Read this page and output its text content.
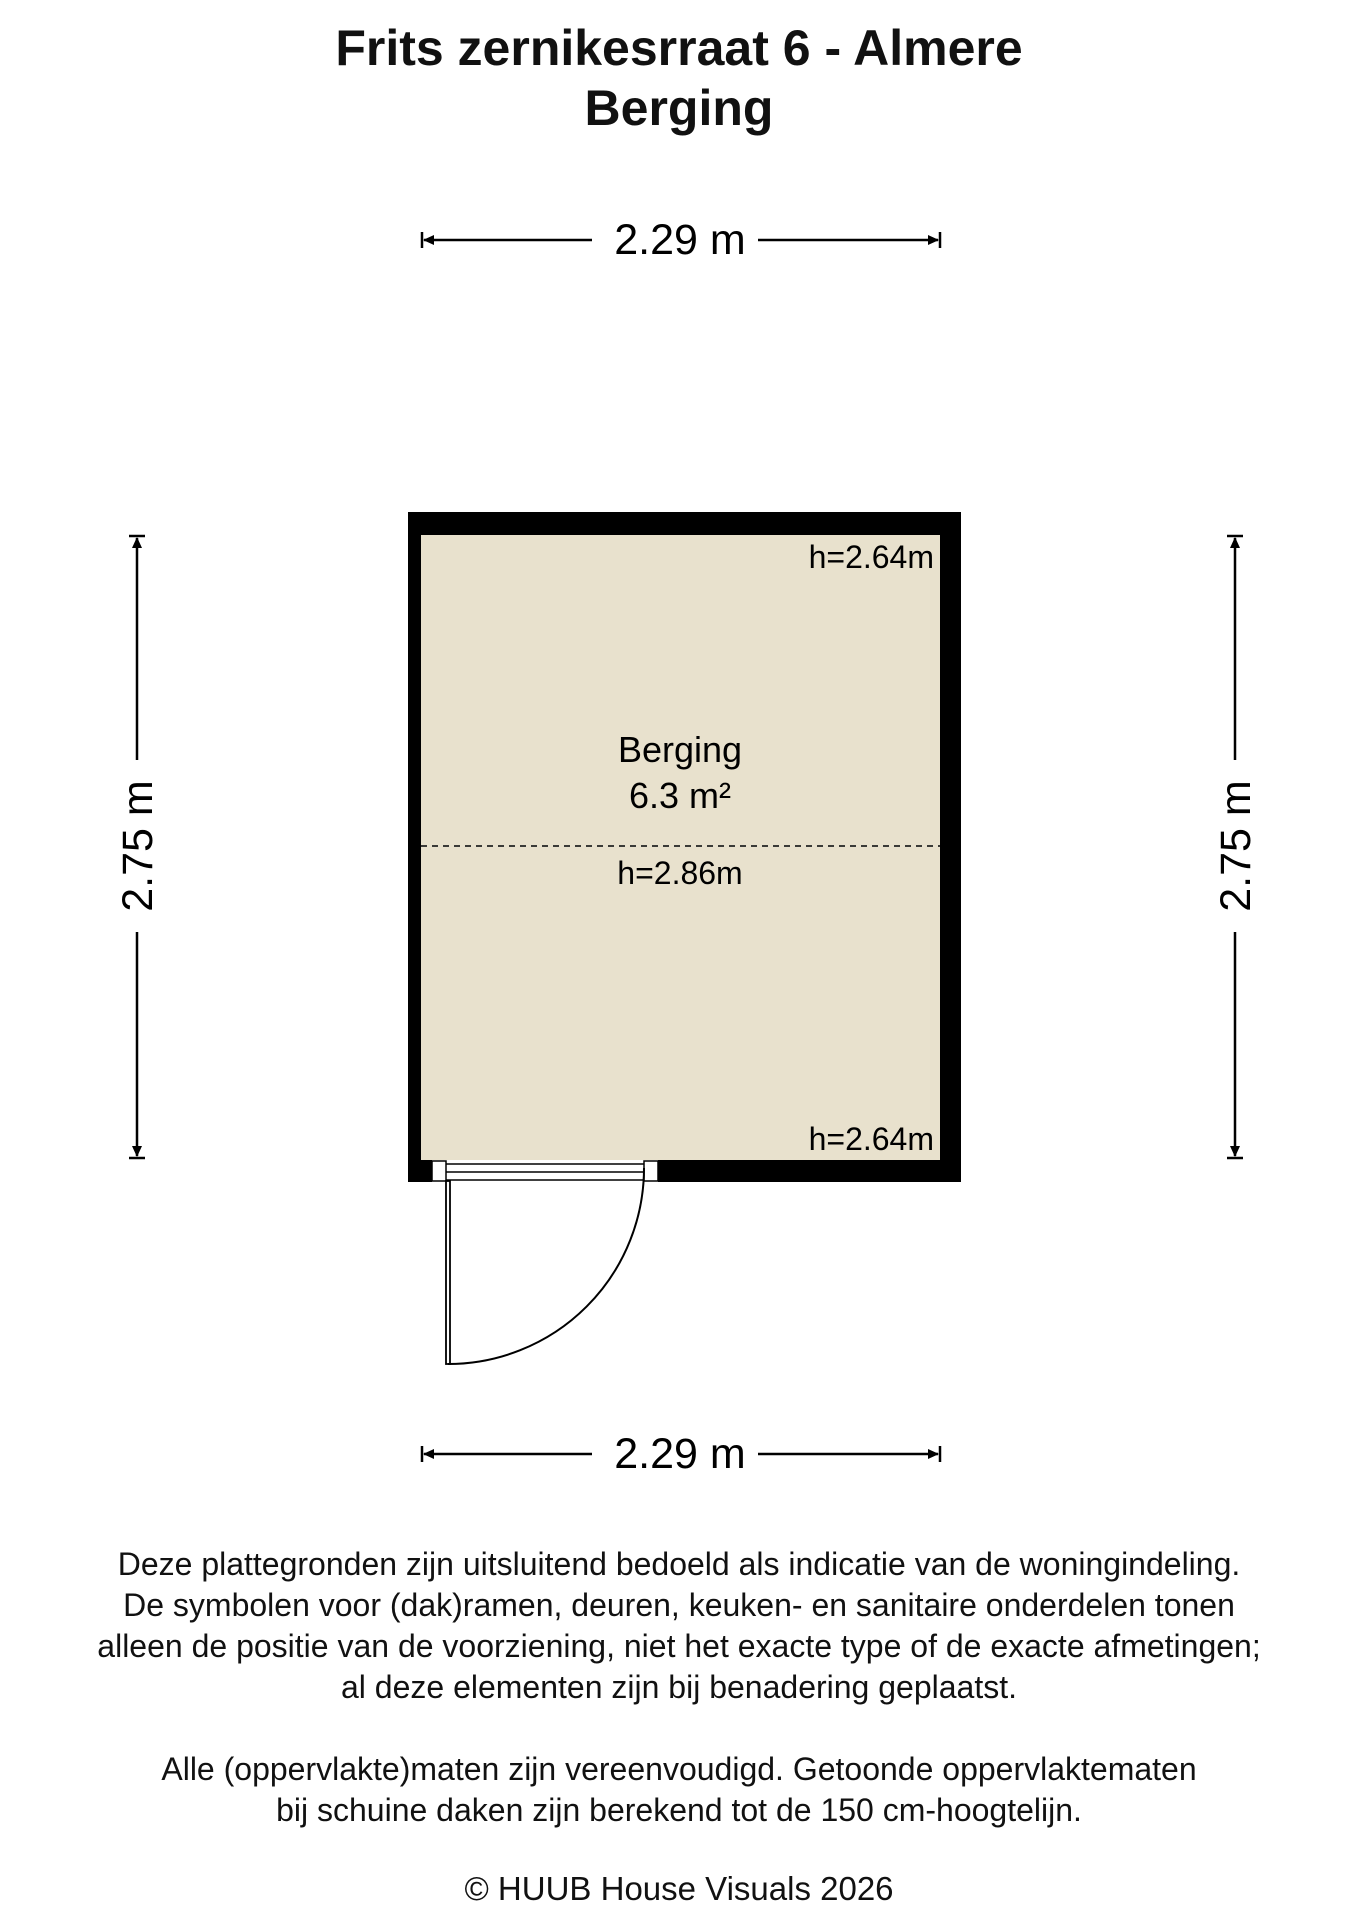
Frits zernikesrraat 6 - Almere
Berging
2.29 m
2.29 m
2.75 m	2.75 m
Berging
6.3 m²
h=2.64m
h=2.86m
h=2.64m
Deze plattegronden zijn uitsluitend bedoeld als indicatie van de woningindeling.
De symbolen voor (dak)ramen, deuren, keuken- en sanitaire onderdelen tonen
alleen de positie van de voorziening, niet het exacte type of de exacte afmetingen;
al deze elementen zijn bij benadering geplaatst.
Alle (oppervlakte)maten zijn vereenvoudigd. Getoonde oppervlaktematen
bij schuine daken zijn berekend tot de 150 cm-hoogtelijn.
© HUUB House Visuals 2026
